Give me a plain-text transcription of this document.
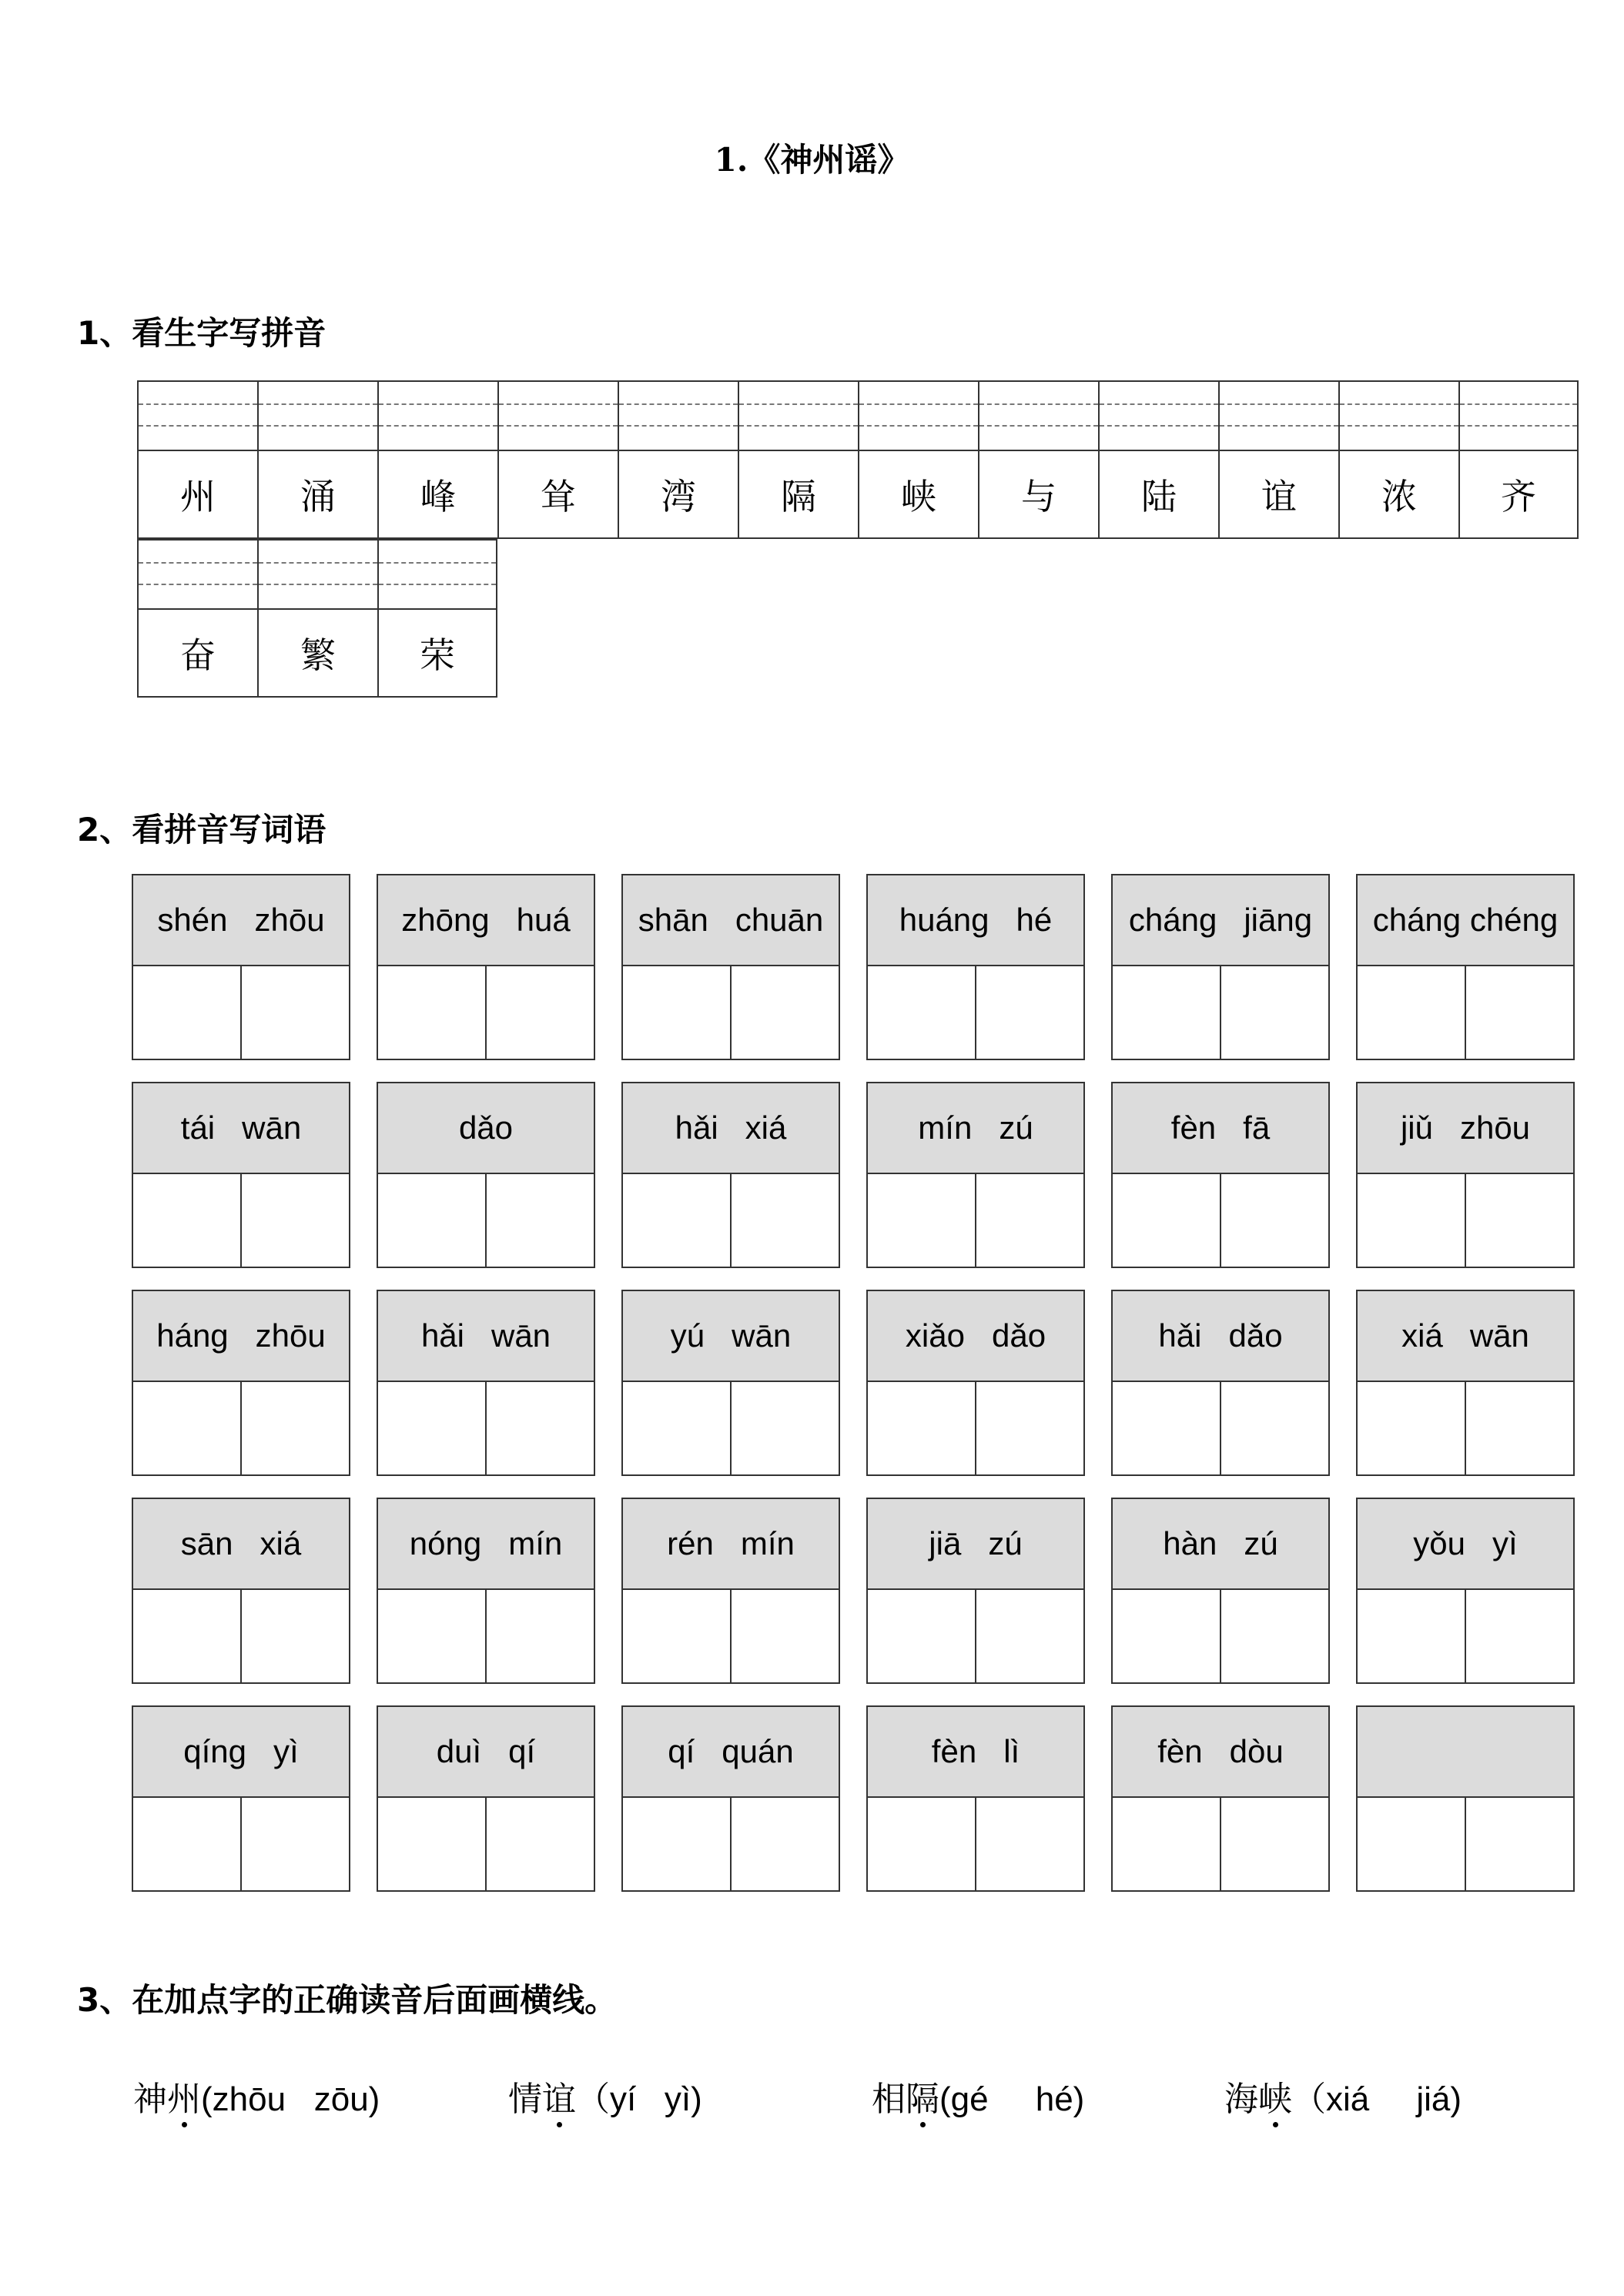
1.《神州谣》
1、看生字写拼音
州	涌	峰	耸	湾	隔	峡	与	陆	谊	浓	齐
奋	繁	荣
2、看拼音写词语
shén   zhōu	zhōng   huá	shān   chuān	huáng   hé	cháng   jiāng	cháng chéng
tái   wān	dǎo	hǎi   xiá	mín   zú	fèn   fā	jiǔ   zhōu
háng   zhōu	hǎi   wān	yú   wān	xiǎo   dǎo	hǎi   dǎo	xiá   wān
sān   xiá	nóng   mín	rén   mín	jiā   zú	hàn   zú	yǒu   yì
qíng   yì	duì   qí	qí   quán	fèn   lì	fèn   dòu
3、在加点字的正确读音后面画横线。
神州(zhōu   zōu)	情谊（yí   yì)	相隔(gé     hé)	海峡（xiá     jiá)
